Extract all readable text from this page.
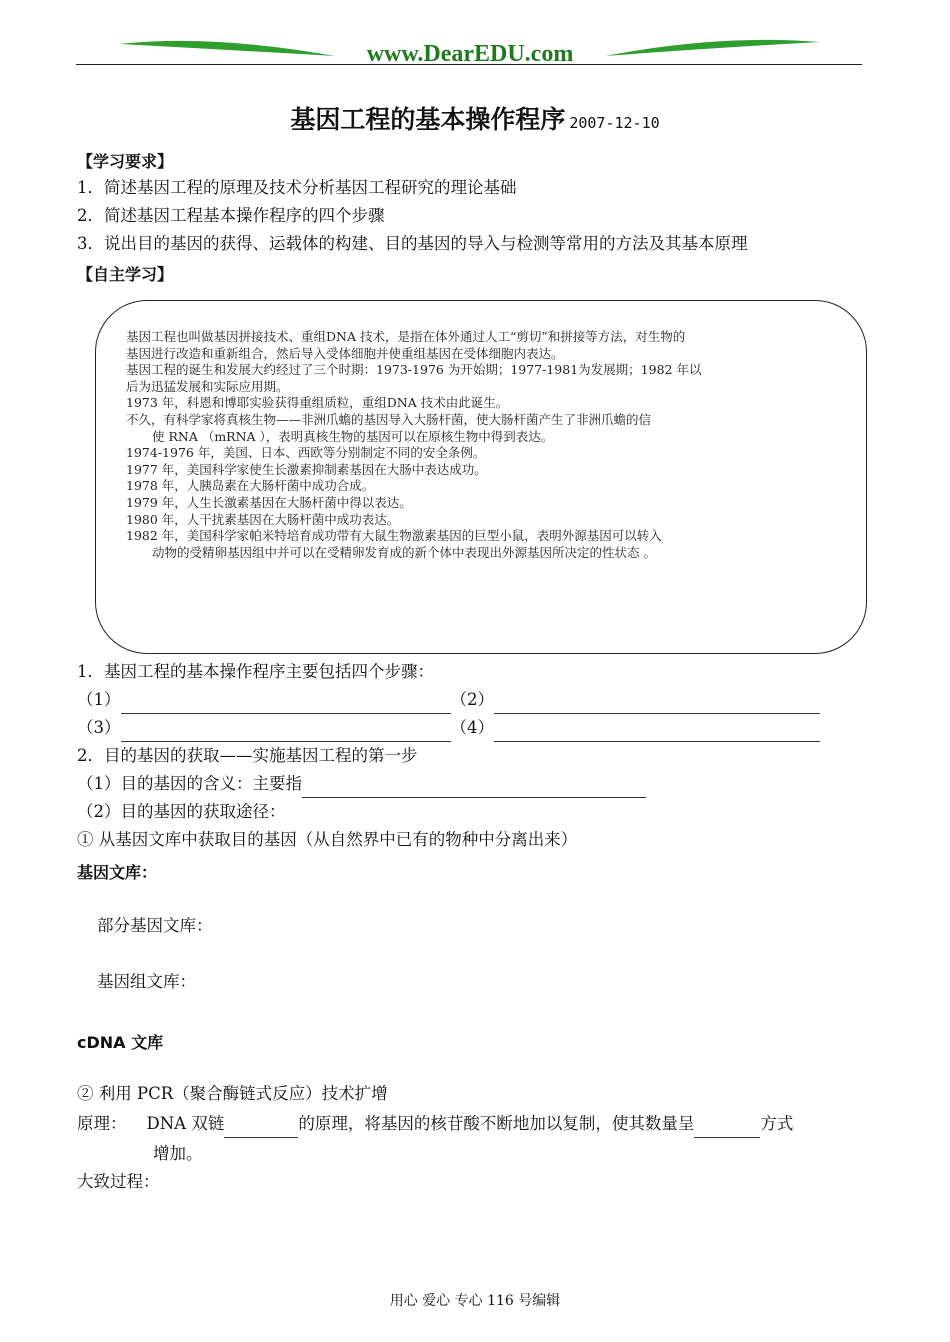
www.DearEDU.com
基因工程的基本操作程序 2007-12-10
【学习要求】
1．简述基因工程的原理及技术分析基因工程研究的理论基础
2．简述基因工程基本操作程序的四个步骤
3．说出目的基因的获得、运载体的构建、目的基因的导入与检测等常用的方法及其基本原理
【自主学习】
基因工程也叫做基因拼接技术、重组DNA 技术，是指在体外通过人工“剪切”和拼接等方法，对生物的
基因进行改造和重新组合，然后导入受体细胞并使重组基因在受体细胞内表达。
基因工程的诞生和发展大约经过了三个时期：1973-1976 为开始期；1977-1981为发展期；1982 年以
后为迅猛发展和实际应用期。
1973 年，科恩和博耶实验获得重组质粒，重组DNA 技术由此诞生。
不久，有科学家将真核生物——非洲爪蟾的基因导入大肠杆菌，使大肠杆菌产生了非洲爪蟾的信
使 RNA （mRNA ），表明真核生物的基因可以在原核生物中得到表达。
1974-1976 年，美国、日本、西欧等分别制定不同的安全条例。
1977 年，美国科学家使生长激素抑制素基因在大肠中表达成功。
1978 年，人胰岛素在大肠杆菌中成功合成。
1979 年，人生长激素基因在大肠杆菌中得以表达。
1980 年，人干扰素基因在大肠杆菌中成功表达。
1982 年，美国科学家帕米特培育成功带有大鼠生物激素基因的巨型小鼠，表明外源基因可以转入
动物的受精卵基因组中并可以在受精卵发育成的新个体中表现出外源基因所决定的性状态 。
1．基因工程的基本操作程序主要包括四个步骤：
（1）	（2）
（3）	（4）
2．目的基因的获取——实施基因工程的第一步
（1）目的基因的含义：主要指
（2）目的基因的获取途径：
① 从基因文库中获取目的基因（从自然界中已有的物种中分离出来）
基因文库：
部分基因文库：
基因组文库：
cDNA 文库
② 利用 PCR（聚合酶链式反应）技术扩增
原理： DNA 双链	的原理，将基因的核苷酸不断地加以复制，使其数量呈	方式
增加。
大致过程：
用心 爱心 专心 116 号编辑
